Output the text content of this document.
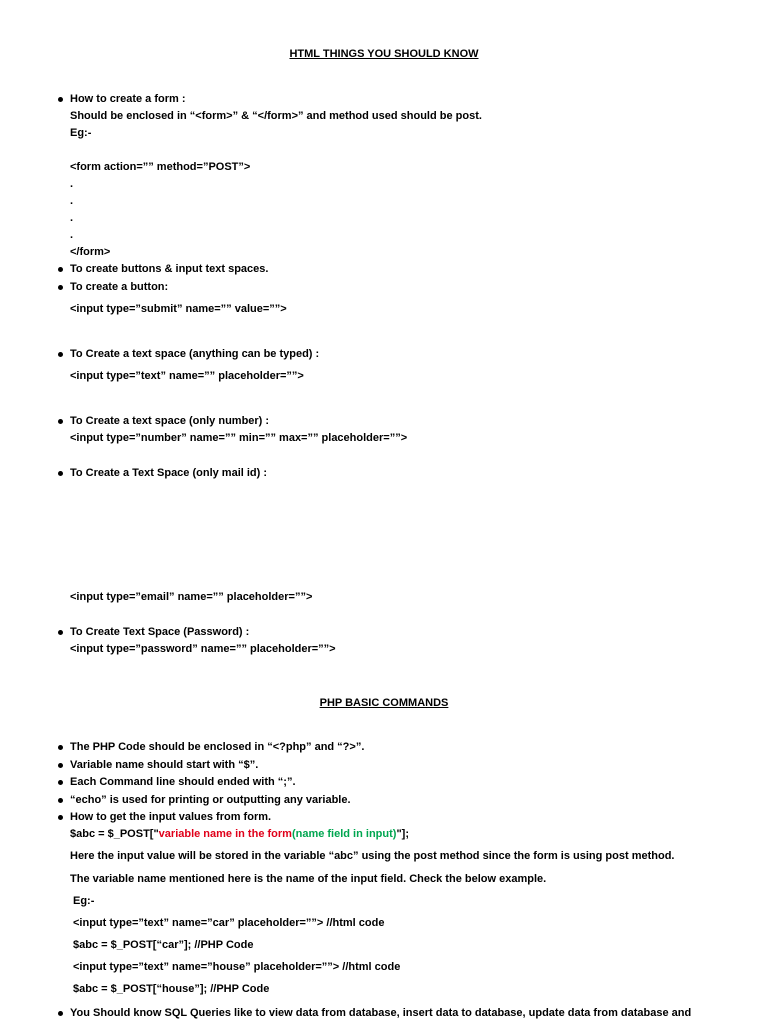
HTML THINGS YOU SHOULD KNOW
How to create a form :
Should be enclosed in “<form>” & “</form>” and method used should be post.
Eg:-
<form action=”” method=”POST”>
.
.
.
.
</form>
To create buttons & input text spaces.
To create a button:
<input type=”submit” name=”” value=””>
To Create a text space (anything can be typed) :
<input type=”text” name=”” placeholder=””>
To Create a text space (only number) :
<input type=”number” name=”” min=”” max=”” placeholder=””>
To Create a Text Space (only mail id) :
<input type=”email” name=”” placeholder=””>
To Create Text Space (Password) :
<input type=”password” name=”” placeholder=””>
PHP BASIC COMMANDS
The PHP Code should be enclosed in “<?php” and “?>”.
Variable name should start with “$”.
Each Command line should ended with “;”.
“echo” is used for printing or outputting any variable.
How to get the input values from form.
$abc = $_POST["variable name in the form(name field in input)"];
Here the input value will be stored in the variable “abc” using the post method since the form is using post method.
The variable name mentioned here is the name of the input field. Check the below example.
Eg:-
<input type=”text” name=”car” placeholder=””> //html code
$abc = $_POST[“car”]; //PHP Code
<input type=”text” name=”house” placeholder=””> //html code
$abc = $_POST[“house”]; //PHP Code
You Should know SQL Queries like to view data from database, insert data to database, update data from database and
